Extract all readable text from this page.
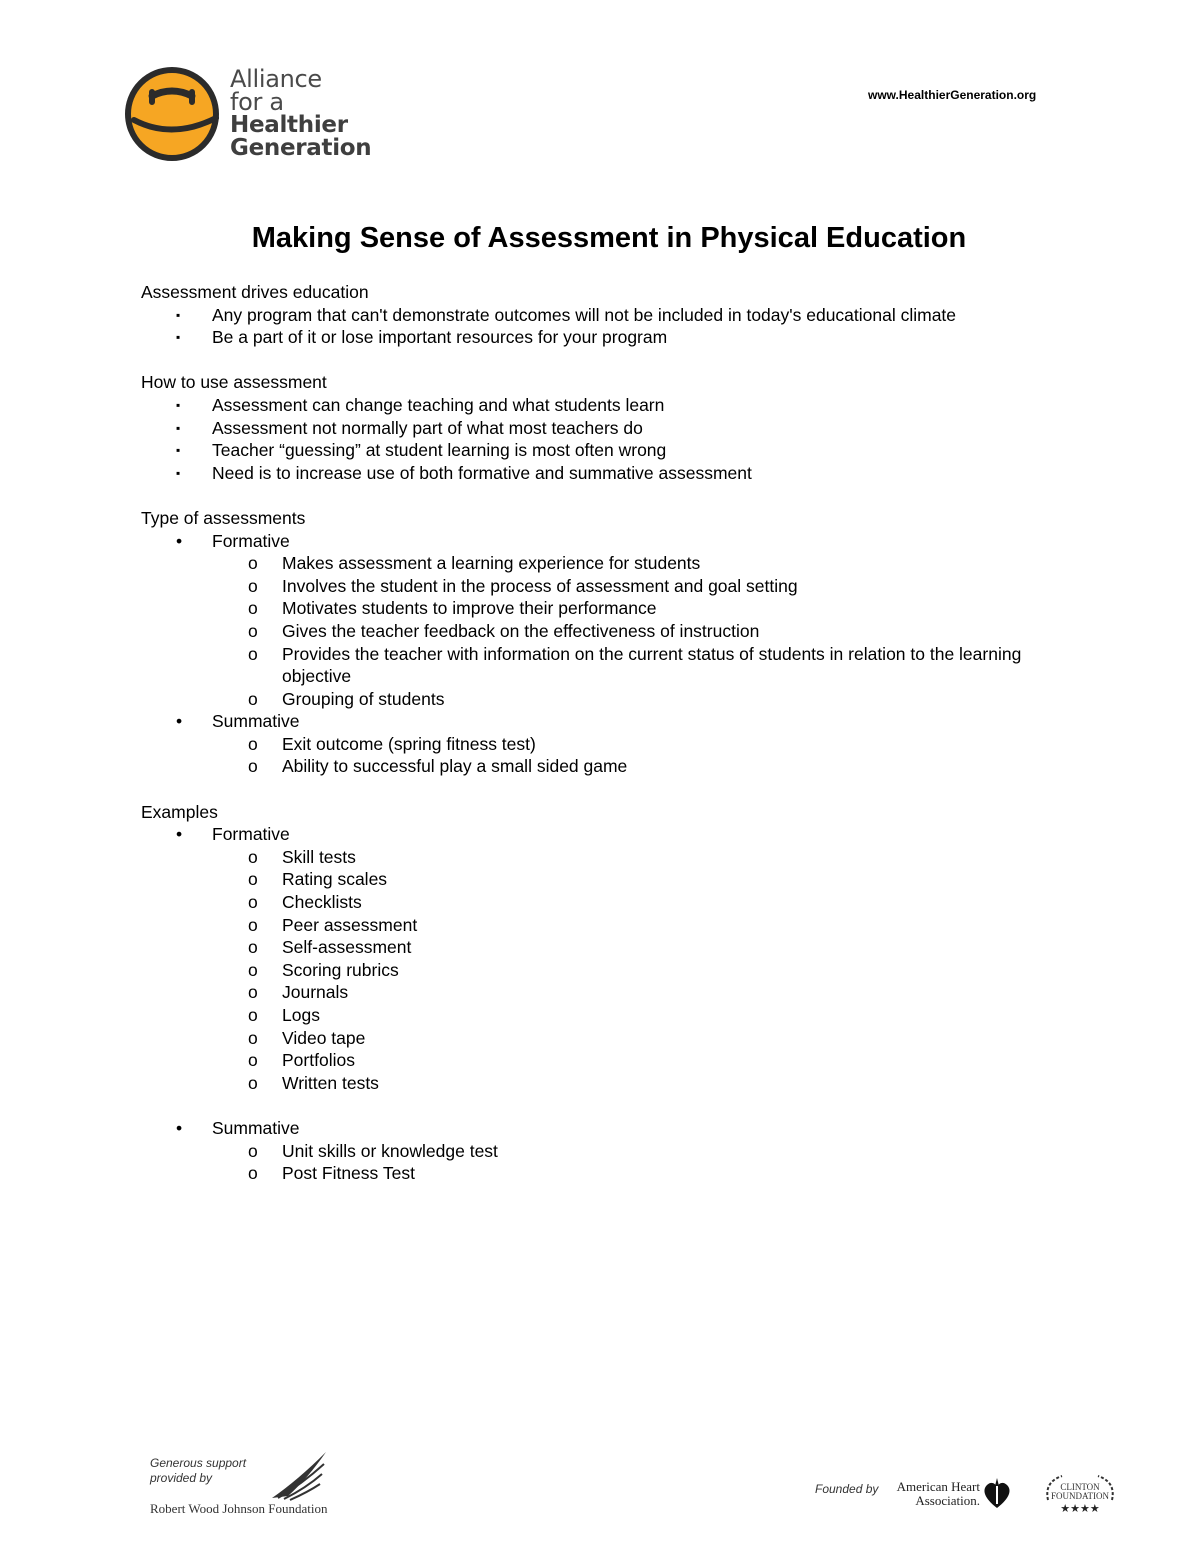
Alliance
for a
Healthier
Generation
www.HealthierGeneration.org
Making Sense of Assessment in Physical Education
Assessment drives education
▪ Any program that can't demonstrate outcomes will not be included in today's educational climate
▪ Be a part of it or lose important resources for your program
How to use assessment
▪ Assessment can change teaching and what students learn
▪ Assessment not normally part of what most teachers do
▪ Teacher “guessing” at student learning is most often wrong
▪ Need is to increase use of both formative and summative assessment
Type of assessments
• Formative
o Makes assessment a learning experience for students
o Involves the student in the process of assessment and goal setting
o Motivates students to improve their performance
o Gives the teacher feedback on the effectiveness of instruction
o Provides the teacher with information on the current status of students in relation to the learning objective
o Grouping of students
• Summative
o Exit outcome (spring fitness test)
o Ability to successful play a small sided game
Examples
• Formative
o Skill tests
o Rating scales
o Checklists
o Peer assessment
o Self-assessment
o Scoring rubrics
o Journals
o Logs
o Video tape
o Portfolios
o Written tests
• Summative
o Unit skills or knowledge test
o Post Fitness Test
Generous support
provided by
Robert Wood Johnson Foundation
Founded by American Heart
Association.
CLINTON
FOUNDATION
★★★★
